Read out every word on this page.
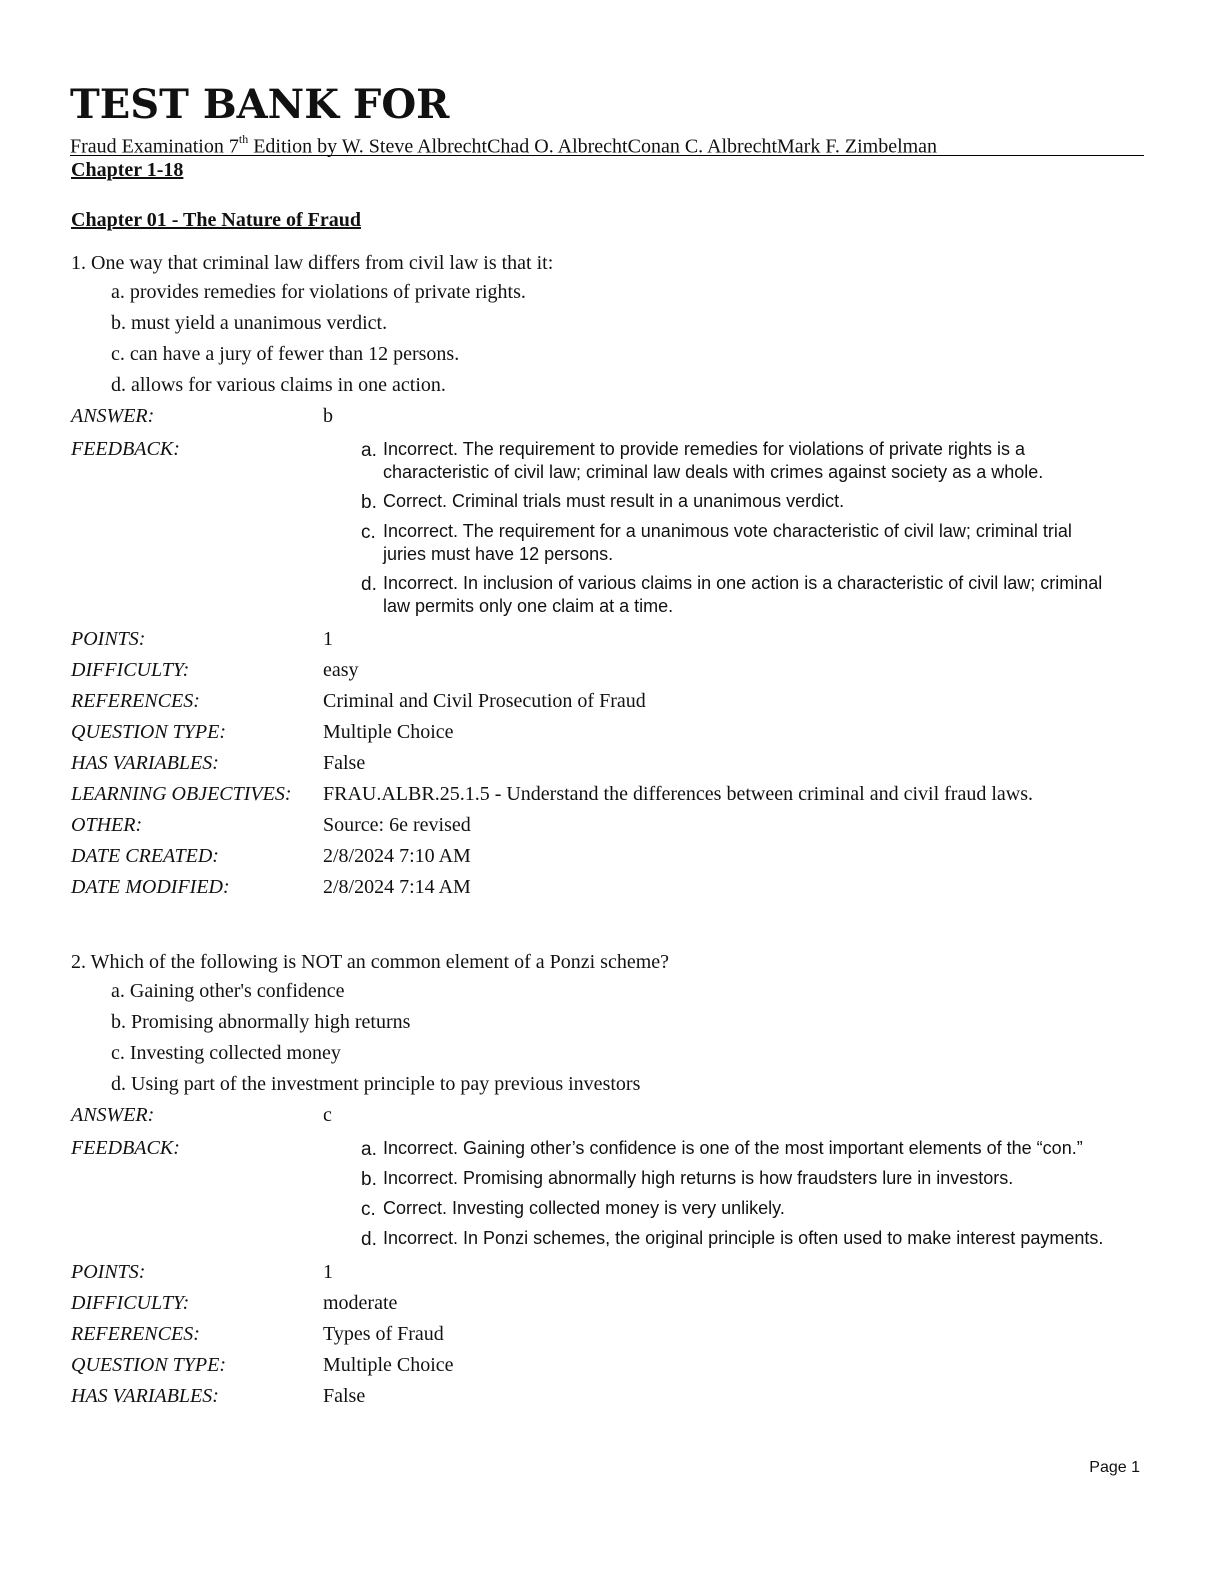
TEST BANK FOR
Fraud Examination 7th Edition by W. Steve AlbrechtChad O. AlbrechtConan C. AlbrechtMark F. Zimbelman
Chapter 1-18
Chapter 01 - The Nature of Fraud
1. One way that criminal law differs from civil law is that it:
a. provides remedies for violations of private rights.
b. must yield a unanimous verdict.
c. can have a jury of fewer than 12 persons.
d. allows for various claims in one action.
ANSWER:	b
FEEDBACK:	a. Incorrect. The requirement to provide remedies for violations of private rights is a characteristic of civil law; criminal law deals with crimes against society as a whole.
b. Correct. Criminal trials must result in a unanimous verdict.
c. Incorrect. The requirement for a unanimous vote characteristic of civil law; criminal trial juries must have 12 persons.
d. Incorrect. In inclusion of various claims in one action is a characteristic of civil law; criminal law permits only one claim at a time.
POINTS:	1
DIFFICULTY:	easy
REFERENCES:	Criminal and Civil Prosecution of Fraud
QUESTION TYPE:	Multiple Choice
HAS VARIABLES:	False
LEARNING OBJECTIVES:	FRAU.ALBR.25.1.5 - Understand the differences between criminal and civil fraud laws.
OTHER:	Source: 6e revised
DATE CREATED:	2/8/2024 7:10 AM
DATE MODIFIED:	2/8/2024 7:14 AM
2. Which of the following is NOT an common element of a Ponzi scheme?
a. Gaining other's confidence
b. Promising abnormally high returns
c. Investing collected money
d. Using part of the investment principle to pay previous investors
ANSWER:	c
FEEDBACK:	a. Incorrect. Gaining other’s confidence is one of the most important elements of the “con.”
b. Incorrect. Promising abnormally high returns is how fraudsters lure in investors.
c. Correct. Investing collected money is very unlikely.
d. Incorrect. In Ponzi schemes, the original principle is often used to make interest payments.
POINTS:	1
DIFFICULTY:	moderate
REFERENCES:	Types of Fraud
QUESTION TYPE:	Multiple Choice
HAS VARIABLES:	False
Page 1
